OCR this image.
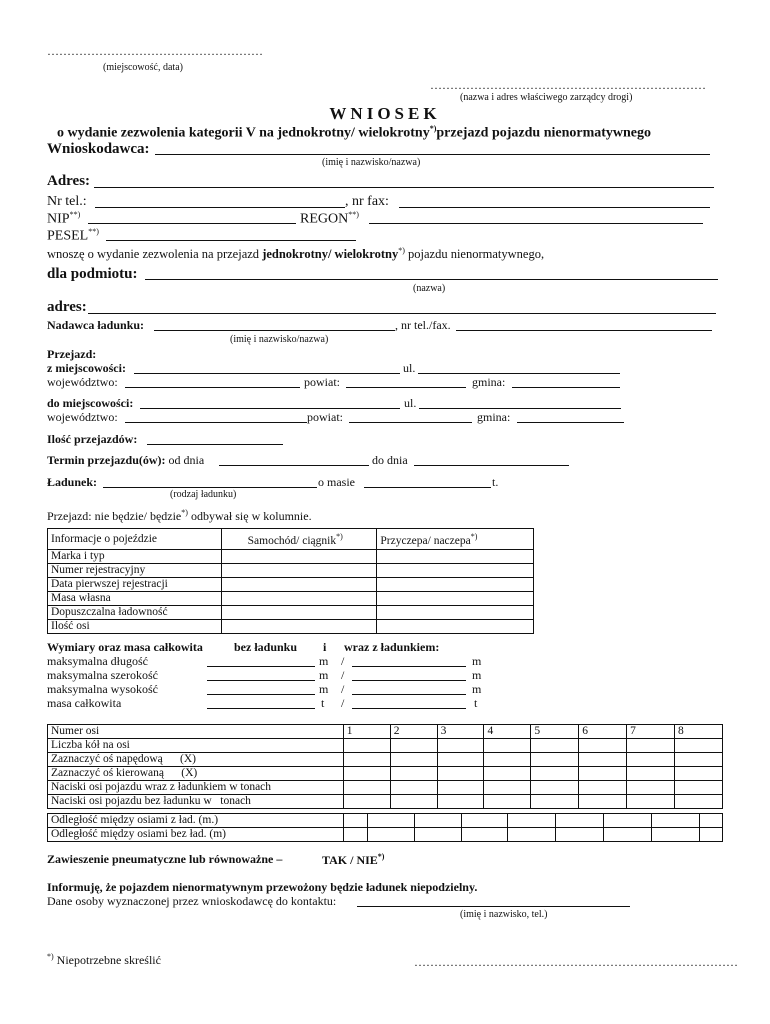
………………………………………………
(miejscowość, data)
……………………………………………………………
(nazwa i adres właściwego zarządcy drogi)
WNIOSEK
o wydanie zezwolenia kategorii V na jednokrotny/ wielokrotny*)przejazd pojazdu nienormatywnego
Wnioskodawca:
(imię i nazwisko/nazwa)
Adres:
Nr tel.:	, nr fax:
NIP**)	REGON**)
PESEL**)
wnoszę o wydanie zezwolenia na przejazd jednokrotny/ wielokrotny*) pojazdu nienormatywnego,
dla podmiotu:
(nazwa)
adres:
Nadawca ładunku:	, nr tel./fax.
(imię i nazwisko/nazwa)
Przejazd:
z miejscowości:	ul.
województwo:	powiat:	gmina:
do miejscowości:	ul.
województwo:	powiat:	gmina:
Ilość przejazdów:
Termin przejazdu(ów): od dnia	do dnia
Ładunek:	o masie	t.
(rodzaj ładunku)
Przejazd: nie będzie/ będzie*) odbywał się w kolumnie.
Informacje o pojeździe	Samochód/ ciągnik*)	Przyczepa/ naczepa*)
Marka i typ		
Numer rejestracyjny		
Data pierwszej rejestracji		
Masa własna		
Dopuszczalna ładowność		
Ilość osi		
Wymiary oraz masa całkowita	bez ładunku i wraz z ładunkiem:
maksymalna długość	m /	m
maksymalna szerokość	m /	m
maksymalna wysokość	m /	m
masa całkowita	t /	t
Numer osi	1	2	3	4	5	6	7	8
Liczba kół na osi								
Zaznaczyć oś napędową      (X)								
Zaznaczyć oś kierowaną      (X)								
Naciski osi pojazdu wraz z ładunkiem w tonach								
Naciski osi pojazdu bez ładunku w   tonach								
Odległość między osiami z ład. (m.)									
Odległość między osiami bez ład. (m)									
Zawieszenie pneumatyczne lub równoważne –	TAK / NIE*)
Informuję, że pojazdem nienormatywnym przewożony będzie ładunek niepodzielny.
Dane osoby wyznaczonej przez wnioskodawcę do kontaktu:
(imię i nazwisko, tel.)
*) Niepotrzebne skreślić	………………………………………………………………………
